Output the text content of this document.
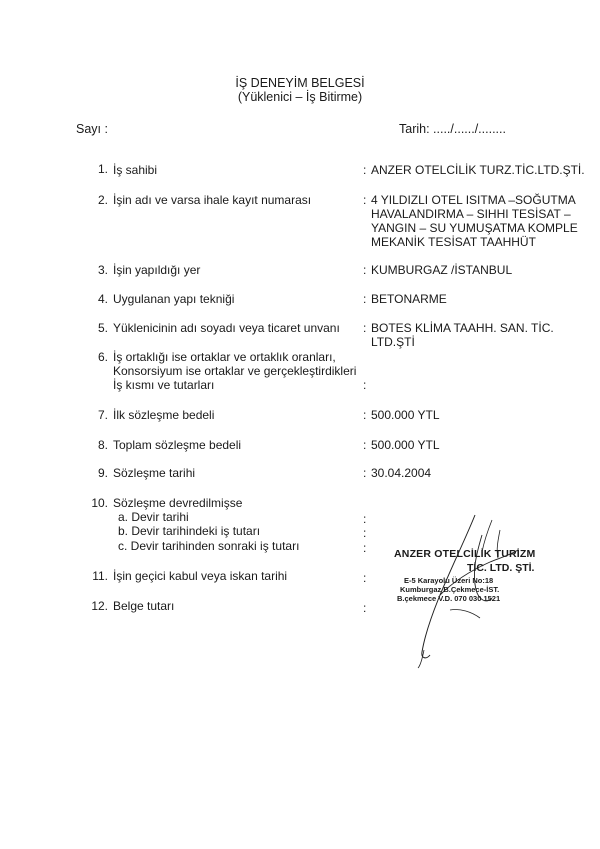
İŞ DENEYİM BELGESİ
(Yüklenici – İş Bitirme)
Sayı :	Tarih: ...../....../........
1. İş sahibi	: ANZER OTELCİLİK TURZ.TİC.LTD.ŞTİ.
2. İşin adı ve varsa ihale kayıt numarası	: 4 YILDIZLI OTEL ISITMA –SOĞUTMA
HAVALANDIRMA – SIHHI TESİSAT –
YANGIN – SU YUMUŞATMA KOMPLE
MEKANİK TESİSAT TAAHHÜT
3. İşin yapıldığı yer	: KUMBURGAZ /İSTANBUL
4. Uygulanan yapı tekniği	: BETONARME
5. Yüklenicinin adı soyadı veya ticaret unvanı	: BOTES KLİMA TAAHH. SAN. TİC. LTD.ŞTİ
6. İş ortaklığı ise ortaklar ve ortaklık oranları,
Konsorsiyum ise ortaklar ve gerçekleştirdikleri
İş kısmı ve tutarları	:
7. İlk sözleşme bedeli	: 500.000 YTL
8. Toplam sözleşme bedeli	: 500.000 YTL
9. Sözleşme tarihi	: 30.04.2004
10. Sözleşme devredilmişse
a. Devir tarihi	:
b. Devir tarihindeki iş tutarı	:
c. Devir tarihinden sonraki iş tutarı	:
11. İşin geçici kabul veya iskan tarihi	:
12. Belge tutarı	:
ANZER OTELCİLİK TURİZM
TİC. LTD. ŞTİ.
E-5 Karayolu Üzeri No:18
Kumburgaz B.Çekmece-İST.
B.çekmece V.D. 070 030 1521
